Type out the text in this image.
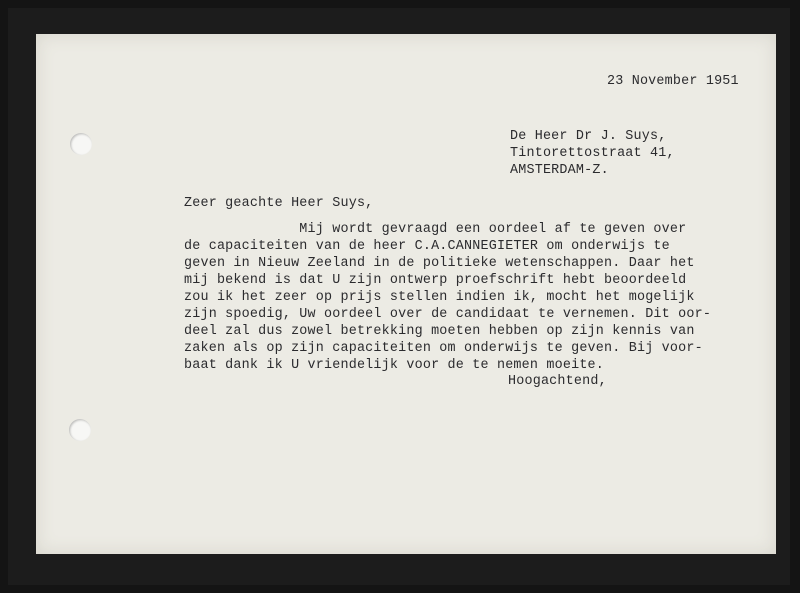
23 November 1951
De Heer Dr J. Suys,
Tintorettostraat 41,
AMSTERDAM-Z.
Zeer geachte Heer Suys,
Mij wordt gevraagd een oordeel af te geven over
de capaciteiten van de heer C.A.CANNEGIETER om onderwijs te
geven in Nieuw Zeeland in de politieke wetenschappen. Daar het
mij bekend is dat U zijn ontwerp proefschrift hebt beoordeeld
zou ik het zeer op prijs stellen indien ik, mocht het mogelijk
zijn spoedig, Uw oordeel over de candidaat te vernemen. Dit oor-
deel zal dus zowel betrekking moeten hebben op zijn kennis van
zaken als op zijn capaciteiten om onderwijs te geven. Bij voor-
baat dank ik U vriendelijk voor de te nemen moeite.
Hoogachtend,
